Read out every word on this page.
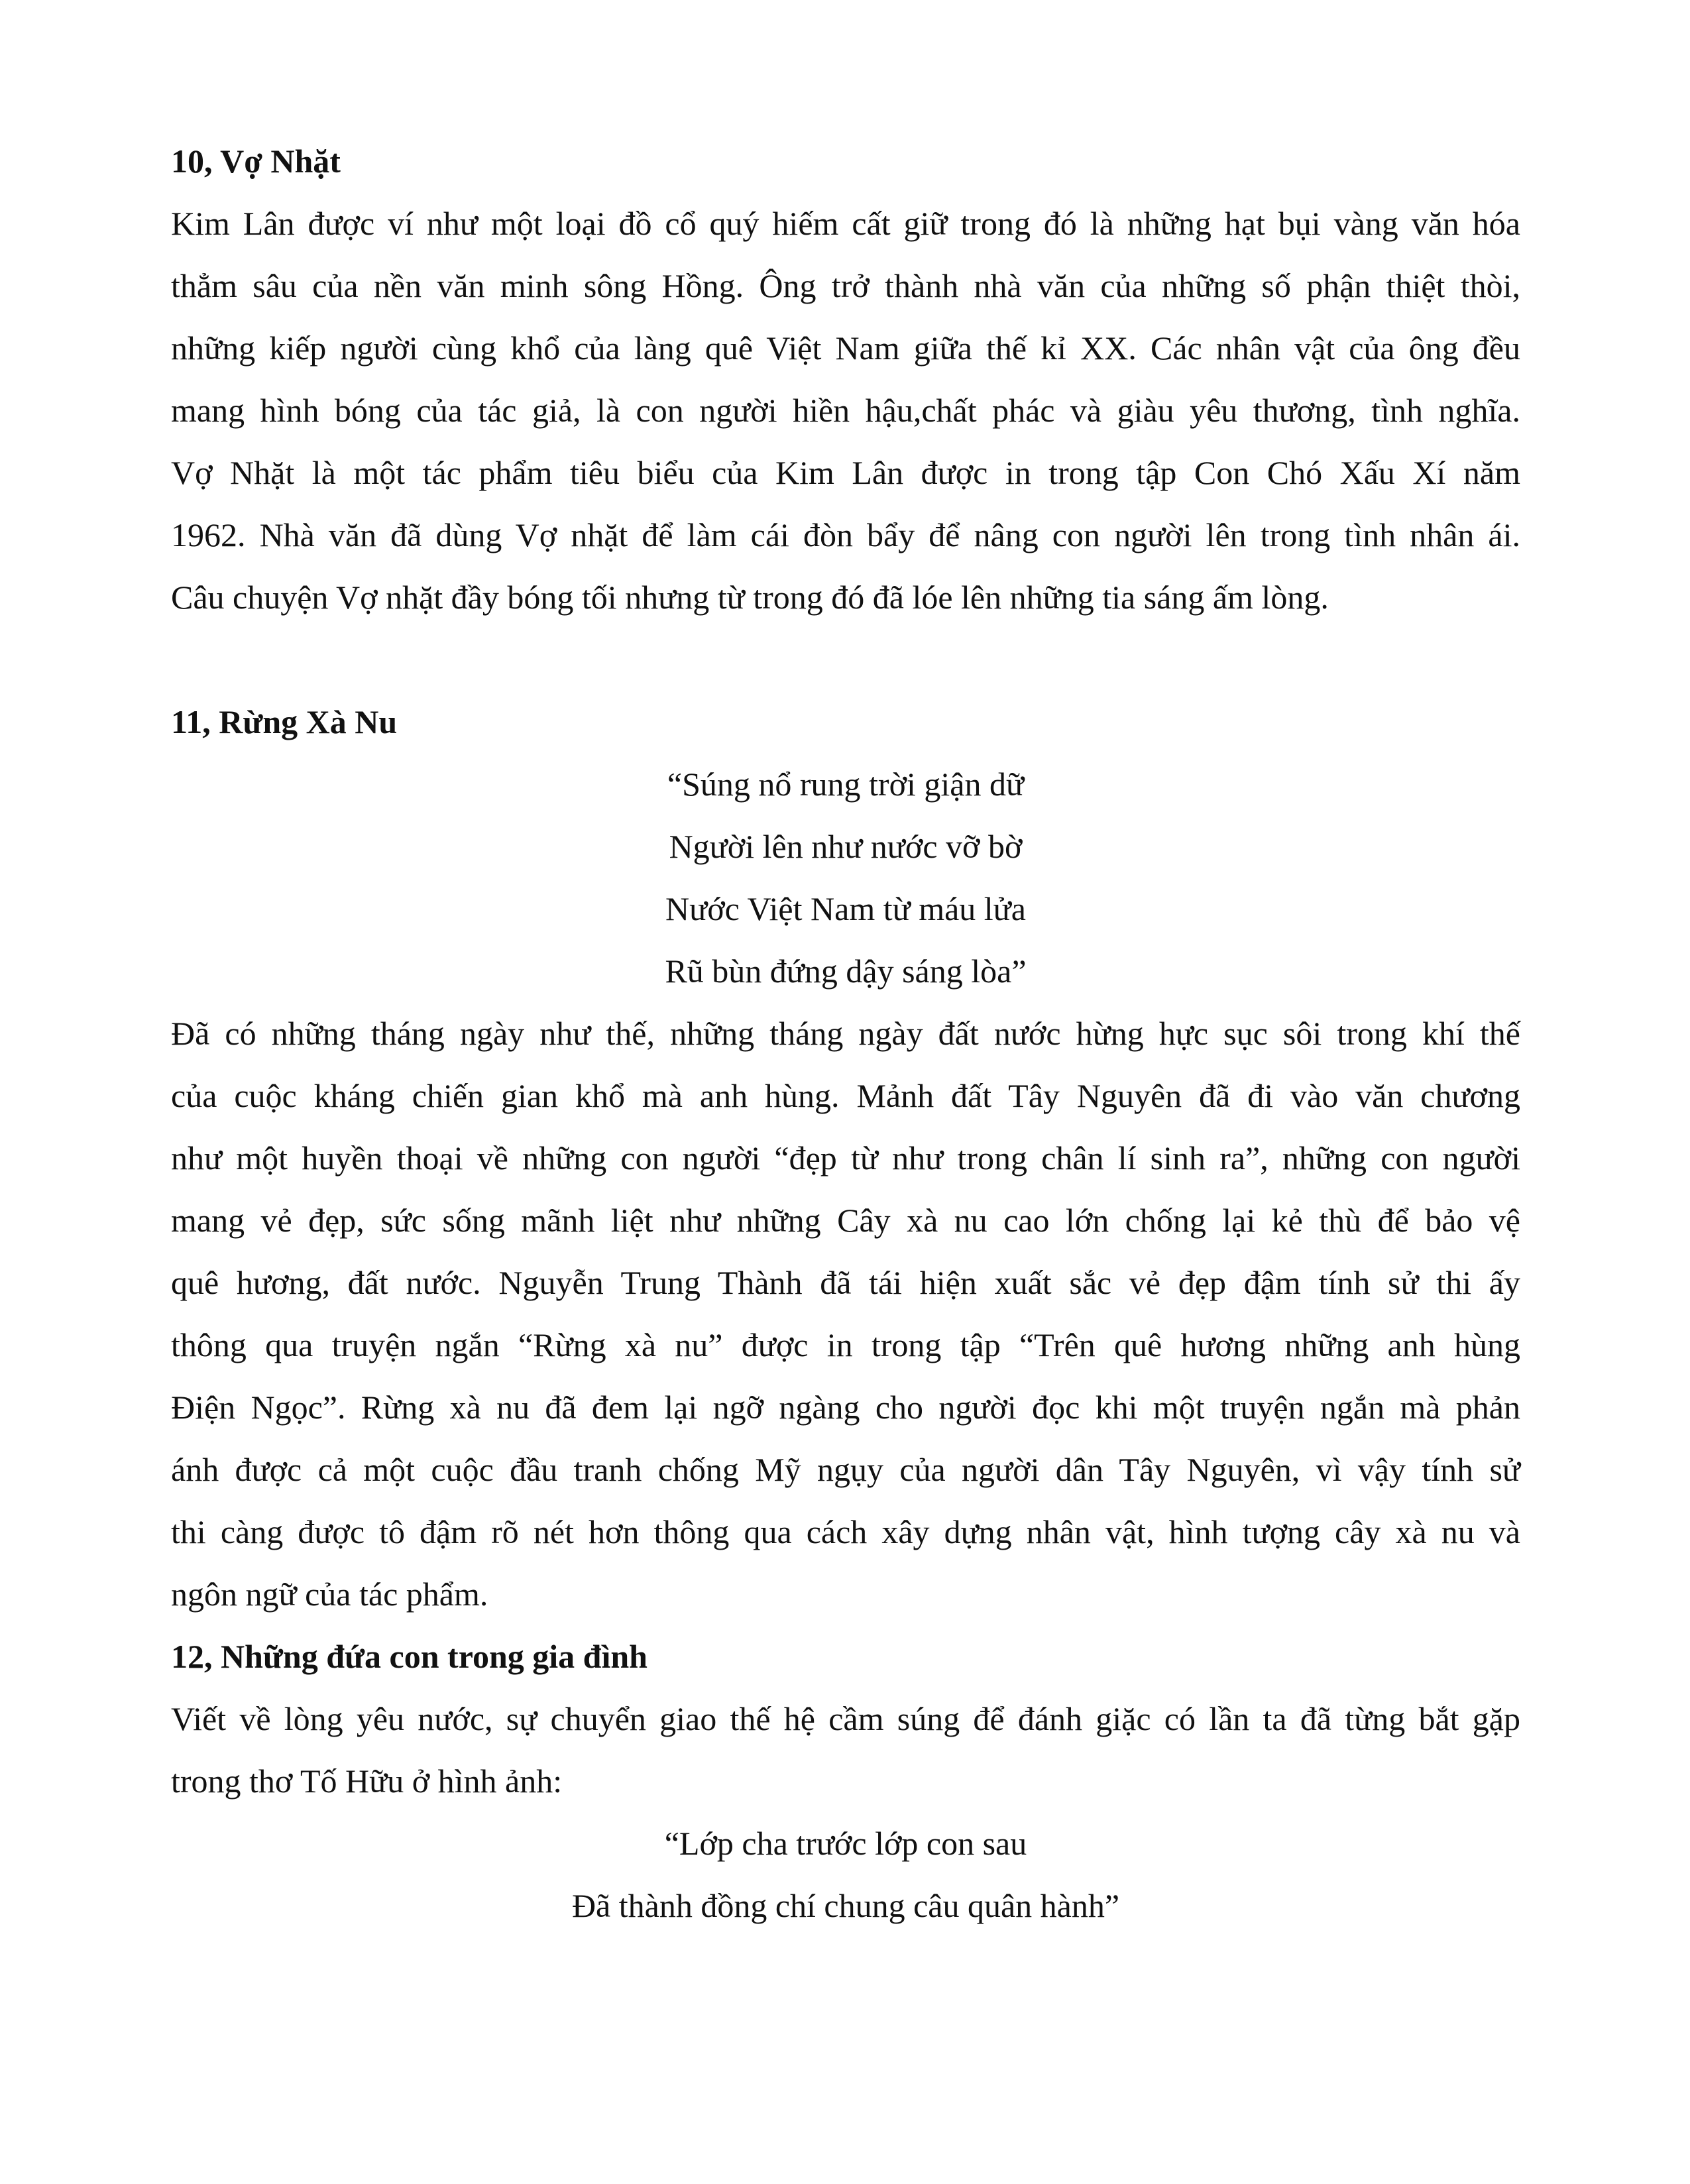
10, Vợ Nhặt
Kim Lân được ví như một loại đồ cổ quý hiếm cất giữ trong đó là những hạt bụi vàng văn hóa
thẳm sâu của nền văn minh sông Hồng. Ông trở thành nhà văn của những số phận thiệt thòi,
những kiếp người cùng khổ của làng quê Việt Nam giữa thế kỉ XX. Các nhân vật của ông đều
mang hình bóng của tác giả, là con người hiền hậu,chất phác và giàu yêu thương, tình nghĩa.
Vợ Nhặt là một tác phẩm tiêu biểu của Kim Lân được in trong tập Con Chó Xấu Xí năm
1962. Nhà văn đã dùng Vợ nhặt để làm cái đòn bẩy để nâng con người lên trong tình nhân ái.
Câu chuyện Vợ nhặt đầy bóng tối nhưng từ trong đó đã lóe lên những tia sáng ấm lòng.
11, Rừng Xà Nu
“Súng nổ rung trời giận dữ
Người lên như nước vỡ bờ
Nước Việt Nam từ máu lửa
Rũ bùn đứng dậy sáng lòa”
Đã có những tháng ngày như thế, những tháng ngày đất nước hừng hực sục sôi trong khí thế
của cuộc kháng chiến gian khổ mà anh hùng. Mảnh đất Tây Nguyên đã đi vào văn chương
như một huyền thoại về những con người “đẹp từ như trong chân lí sinh ra”, những con người
mang vẻ đẹp, sức sống mãnh liệt như những Cây xà nu cao lớn chống lại kẻ thù để bảo vệ
quê hương, đất nước. Nguyễn Trung Thành đã tái hiện xuất sắc vẻ đẹp đậm tính sử thi ấy
thông qua truyện ngắn “Rừng xà nu” được in trong tập “Trên quê hương những anh hùng
Điện Ngọc”. Rừng xà nu đã đem lại ngỡ ngàng cho người đọc khi một truyện ngắn mà phản
ánh được cả một cuộc đầu tranh chống Mỹ ngụy của người dân Tây Nguyên, vì vậy tính sử
thi càng được tô đậm rõ nét hơn thông qua cách xây dựng nhân vật, hình tượng cây xà nu và
ngôn ngữ của tác phẩm.
12, Những đứa con trong gia đình
Viết về lòng yêu nước, sự chuyển giao thế hệ cầm súng để đánh giặc có lần ta đã từng bắt gặp
trong thơ Tố Hữu ở hình ảnh:
“Lớp cha trước lớp con sau
Đã thành đồng chí chung câu quân hành”
